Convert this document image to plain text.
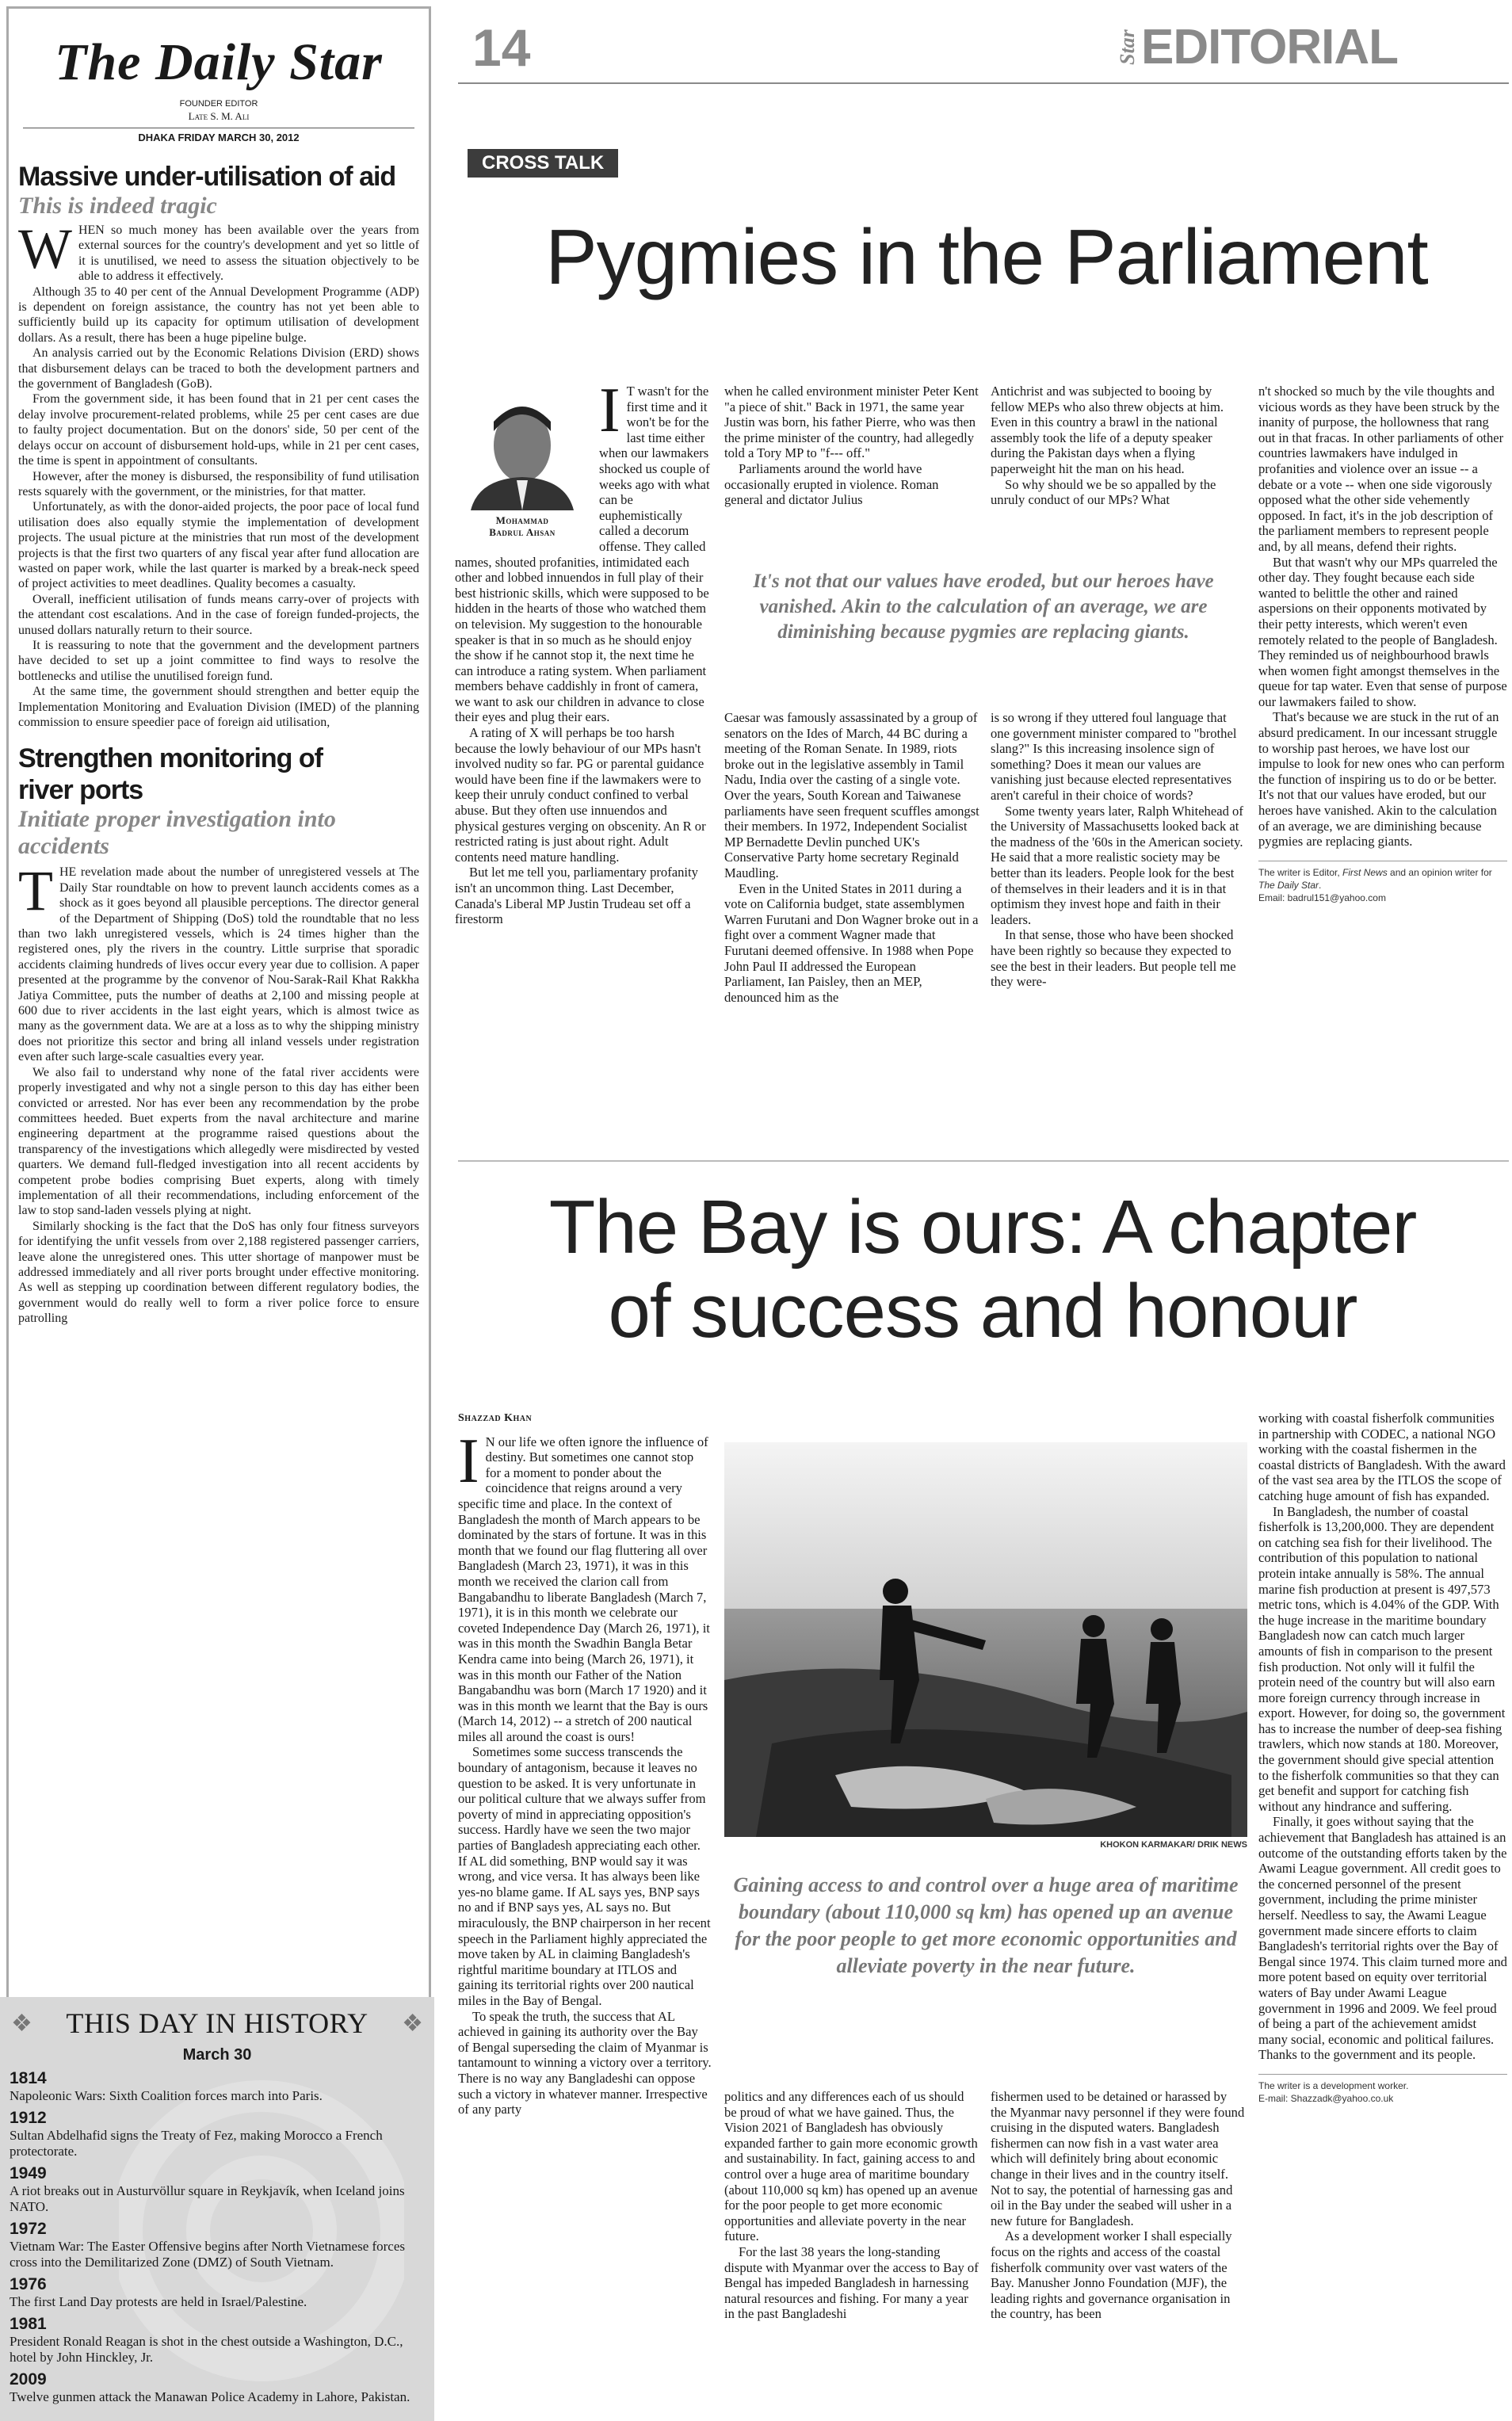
The Daily Star
FOUNDER EDITOR
Late S. M. Ali
DHAKA FRIDAY MARCH 30, 2012
Massive under-utilisation of aid
This is indeed tragic

WHEN so much money has been available over the years from external sources for the country's development and yet so little of it is unutilised, we need to assess the situation objectively to be able to address it effectively.

Although 35 to 40 per cent of the Annual Development Programme (ADP) is dependent on foreign assistance, the country has not yet been able to sufficiently build up its capacity for optimum utilisation of development dollars. As a result, there has been a huge pipeline bulge.

An analysis carried out by the Economic Relations Division (ERD) shows that disbursement delays can be traced to both the development partners and the government of Bangladesh (GoB).

From the government side, it has been found that in 21 per cent cases the delay involve procurement-related problems, while 25 per cent cases are due to faulty project documentation. But on the donors' side, 50 per cent of the delays occur on account of disbursement hold-ups, while in 21 per cent cases, the time is spent in appointment of consultants.

However, after the money is disbursed, the responsibility of fund utilisation rests squarely with the government, or the ministries, for that matter.

Unfortunately, as with the donor-aided projects, the poor pace of local fund utilisation does also equally stymie the implementation of development projects. The usual picture at the ministries that run most of the development projects is that the first two quarters of any fiscal year after fund allocation are wasted on paper work, while the last quarter is marked by a break-neck speed of project activities to meet deadlines. Quality becomes a casualty.

Overall, inefficient utilisation of funds means carry-over of projects with the attendant cost escalations. And in the case of foreign funded-projects, the unused dollars naturally return to their source.

It is reassuring to note that the government and the development partners have decided to set up a joint committee to find ways to resolve the bottlenecks and utilise the unutilised foreign fund.

At the same time, the government should strengthen and better equip the Implementation Monitoring and Evaluation Division (IMED) of the planning commission to ensure speedier pace of foreign aid utilisation,

Strengthen monitoring of river ports
Initiate proper investigation into accidents

THE revelation made about the number of unregistered vessels at The Daily Star roundtable on how to prevent launch accidents comes as a shock as it goes beyond all plausible perceptions. The director general of the Department of Shipping (DoS) told the roundtable that no less than two lakh unregistered vessels, which is 24 times higher than the registered ones, ply the rivers in the country. Little surprise that sporadic accidents claiming hundreds of lives occur every year due to collision. A paper presented at the programme by the convenor of Nou-Sarak-Rail Khat Rakkha Jatiya Committee, puts the number of deaths at 2,100 and missing people at 600 due to river accidents in the last eight years, which is almost twice as many as the government data. We are at a loss as to why the shipping ministry does not prioritize this sector and bring all inland vessels under registration even after such large-scale casualties every year.

We also fail to understand why none of the fatal river accidents were properly investigated and why not a single person to this day has either been convicted or arrested. Nor has ever been any recommendation by the probe committees heeded. Buet experts from the naval architecture and marine engineering department at the programme raised questions about the transparency of the investigations which allegedly were misdirected by vested quarters. We demand full-fledged investigation into all recent accidents by competent probe bodies comprising Buet experts, along with timely implementation of all their recommendations, including enforcement of the law to stop sand-laden vessels plying at night.

Similarly shocking is the fact that the DoS has only four fitness surveyors for identifying the unfit vessels from over 2,188 registered passenger carriers, leave alone the unregistered ones. This utter shortage of manpower must be addressed immediately and all river ports brought under effective monitoring. As well as stepping up coordination between different regulatory bodies, the government would do really well to form a river police force to ensure patrolling

❖	❖
THIS DAY IN HISTORY
March 30
1814
Napoleonic Wars: Sixth Coalition forces march into Paris.
1912
Sultan Abdelhafid signs the Treaty of Fez, making Morocco a French protectorate.
1949
A riot breaks out in Austurvöllur square in Reykjavík, when Iceland joins NATO.
1972
Vietnam War: The Easter Offensive begins after North Vietnamese forces cross into the Demilitarized Zone (DMZ) of South Vietnam.
1976
The first Land Day protests are held in Israel/Palestine.
1981
President Ronald Reagan is shot in the chest outside a Washington, D.C., hotel by John Hinckley, Jr.
2009
Twelve gunmen attack the Manawan Police Academy in Lahore, Pakistan.
14	Star EDITORIAL
CROSS TALK
Pygmies in the Parliament
Mohammad
Badrul Ahsan

I T wasn't for the first time and it won't be for the last time either when our lawmakers shocked us couple of weeks ago with what can be euphemistically called a decorum offense. They called names, shouted profanities, intimidated each other and lobbed innuendos in full play of their best histrionic skills, which were supposed to be hidden in the hearts of those who watched them on television. My suggestion to the honourable speaker is that in so much as he should enjoy the show if he cannot stop it, the next time he can introduce a rating system. When parliament members behave caddishly in front of camera, we want to ask our children in advance to close their eyes and plug their ears.

A rating of X will perhaps be too harsh because the lowly behaviour of our MPs hasn't involved nudity so far. PG or parental guidance would have been fine if the lawmakers were to keep their unruly conduct confined to verbal abuse. But they often use innuendos and physical gestures verging on obscenity. An R or restricted rating is just about right. Adult contents need mature handling.

But let me tell you, parliamentary profanity isn't an uncommon thing. Last December, Canada's Liberal MP Justin Trudeau set off a firestorm

when he called environment minister Peter Kent "a piece of shit." Back in 1971, the same year Justin was born, his father Pierre, who was then the prime minister of the country, had allegedly told a Tory MP to "f--- off."

Parliaments around the world have occasionally erupted in violence. Roman general and dictator Julius

Antichrist and was subjected to booing by fellow MEPs who also threw objects at him. Even in this country a brawl in the national assembly took the life of a deputy speaker during the Pakistan days when a flying paperweight hit the man on his head.

So why should we be so appalled by the unruly conduct of our MPs? What

It's not that our values have eroded, but our heroes have vanished. Akin to the calculation of an average, we are diminishing because pygmies are replacing giants.

Caesar was famously assassinated by a group of senators on the Ides of March, 44 BC during a meeting of the Roman Senate. In 1989, riots broke out in the legislative assembly in Tamil Nadu, India over the casting of a single vote. Over the years, South Korean and Taiwanese parliaments have seen frequent scuffles amongst their members. In 1972, Independent Socialist MP Bernadette Devlin punched UK's Conservative Party home secretary Reginald Maudling.

Even in the United States in 2011 during a vote on California budget, state assemblymen Warren Furutani and Don Wagner broke out in a fight over a comment Wagner made that Furutani deemed offensive. In 1988 when Pope John Paul II addressed the European Parliament, Ian Paisley, then an MEP, denounced him as the

is so wrong if they uttered foul language that one government minister compared to "brothel slang?" Is this increasing insolence sign of something? Does it mean our values are vanishing just because elected representatives aren't careful in their choice of words?

Some twenty years later, Ralph Whitehead of the University of Massachusetts looked back at the madness of the '60s in the American society. He said that a more realistic society may be better than its leaders. People look for the best of themselves in their leaders and it is in that optimism they invest hope and faith in their leaders.

In that sense, those who have been shocked have been rightly so because they expected to see the best in their leaders. But people tell me they were-

n't shocked so much by the vile thoughts and vicious words as they have been struck by the inanity of purpose, the hollowness that rang out in that fracas. In other parliaments of other countries lawmakers have indulged in profanities and violence over an issue -- a debate or a vote -- when one side vigorously opposed what the other side vehemently opposed. In fact, it's in the job description of the parliament members to represent people and, by all means, defend their rights.

But that wasn't why our MPs quarreled the other day. They fought because each side wanted to belittle the other and rained aspersions on their opponents motivated by their petty interests, which weren't even remotely related to the people of Bangladesh. They reminded us of neighbourhood brawls when women fight amongst themselves in the queue for tap water. Even that sense of purpose our lawmakers failed to show.

That's because we are stuck in the rut of an absurd predicament. In our incessant struggle to worship past heroes, we have lost our impulse to look for new ones who can perform the function of inspiring us to do or be better. It's not that our values have eroded, but our heroes have vanished. Akin to the calculation of an average, we are diminishing because pygmies are replacing giants.

The writer is Editor, First News and an opinion writer for The Daily Star.
Email: badrul151@yahoo.com
The Bay is ours: A chapter
of success and honour
Shazzad Khan

I N our life we often ignore the influence of destiny. But sometimes one cannot stop for a moment to ponder about the coincidence that reigns around a very specific time and place. In the context of Bangladesh the month of March appears to be dominated by the stars of fortune. It was in this month that we found our flag fluttering all over Bangladesh (March 23, 1971), it was in this month we received the clarion call from Bangabandhu to liberate Bangladesh (March 7, 1971), it is in this month we celebrate our coveted Independence Day (March 26, 1971), it was in this month the Swadhin Bangla Betar Kendra came into being (March 26, 1971), it was in this month our Father of the Nation Bangabandhu was born (March 17 1920) and it was in this month we learnt that the Bay is ours (March 14, 2012) -- a stretch of 200 nautical miles all around the coast is ours!

Sometimes some success transcends the boundary of antagonism, because it leaves no question to be asked. It is very unfortunate in our political culture that we always suffer from poverty of mind in appreciating opposition's success. Hardly have we seen the two major parties of Bangladesh appreciating each other. If AL did something, BNP would say it was wrong, and vice versa. It has always been like yes-no blame game. If AL says yes, BNP says no and if BNP says yes, AL says no. But miraculously, the BNP chairperson in her recent speech in the Parliament highly appreciated the move taken by AL in claiming Bangladesh's rightful maritime boundary at ITLOS and gaining its territorial rights over 200 nautical miles in the Bay of Bengal.

To speak the truth, the success that AL achieved in gaining its authority over the Bay of Bengal superseding the claim of Myanmar is tantamount to winning a victory over a territory. There is no way any Bangladeshi can oppose such a victory in whatever manner. Irrespective of any party

KHOKON KARMAKAR/ DRIK NEWS
Gaining access to and control over a huge area of maritime boundary (about 110,000 sq km) has opened up an avenue for the poor people to get more economic opportunities and alleviate poverty in the near future.

politics and any differences each of us should be proud of what we have gained. Thus, the Vision 2021 of Bangladesh has obviously expanded farther to gain more economic growth and sustainability. In fact, gaining access to and control over a huge area of maritime boundary (about 110,000 sq km) has opened up an avenue for the poor people to get more economic opportunities and alleviate poverty in the near future.

For the last 38 years the long-standing dispute with Myanmar over the access to Bay of Bengal has impeded Bangladesh in harnessing natural resources and fishing. For many a year in the past Bangladeshi

fishermen used to be detained or harassed by the Myanmar navy personnel if they were found cruising in the disputed waters. Bangladesh fishermen can now fish in a vast water area which will definitely bring about economic change in their lives and in the country itself. Not to say, the potential of harnessing gas and oil in the Bay under the seabed will usher in a new future for Bangladesh.

As a development worker I shall especially focus on the rights and access of the coastal fisherfolk community over vast waters of the Bay. Manusher Jonno Foundation (MJF), the leading rights and governance organisation in the country, has been

working with coastal fisherfolk communities in partnership with CODEC, a national NGO working with the coastal fishermen in the coastal districts of Bangladesh. With the award of the vast sea area by the ITLOS the scope of catching huge amount of fish has expanded.

In Bangladesh, the number of coastal fisherfolk is 13,200,000. They are dependent on catching sea fish for their livelihood. The contribution of this population to national protein intake annually is 58%. The annual marine fish production at present is 497,573 metric tons, which is 4.04% of the GDP. With the huge increase in the maritime boundary Bangladesh now can catch much larger amounts of fish in comparison to the present fish production. Not only will it fulfil the protein need of the country but will also earn more foreign currency through increase in export. However, for doing so, the government has to increase the number of deep-sea fishing trawlers, which now stands at 180. Moreover, the government should give special attention to the fisherfolk communities so that they can get benefit and support for catching fish without any hindrance and suffering.

Finally, it goes without saying that the achievement that Bangladesh has attained is an outcome of the outstanding efforts taken by the Awami League government. All credit goes to the concerned personnel of the present government, including the prime minister herself. Needless to say, the Awami League government made sincere efforts to claim Bangladesh's territorial rights over the Bay of Bengal since 1974. This claim turned more and more potent based on equity over territorial waters of Bay under Awami League government in 1996 and 2009. We feel proud of being a part of the achievement amidst many social, economic and political failures. Thanks to the government and its people.

The writer is a development worker.
E-mail: Shazzadk@yahoo.co.uk
